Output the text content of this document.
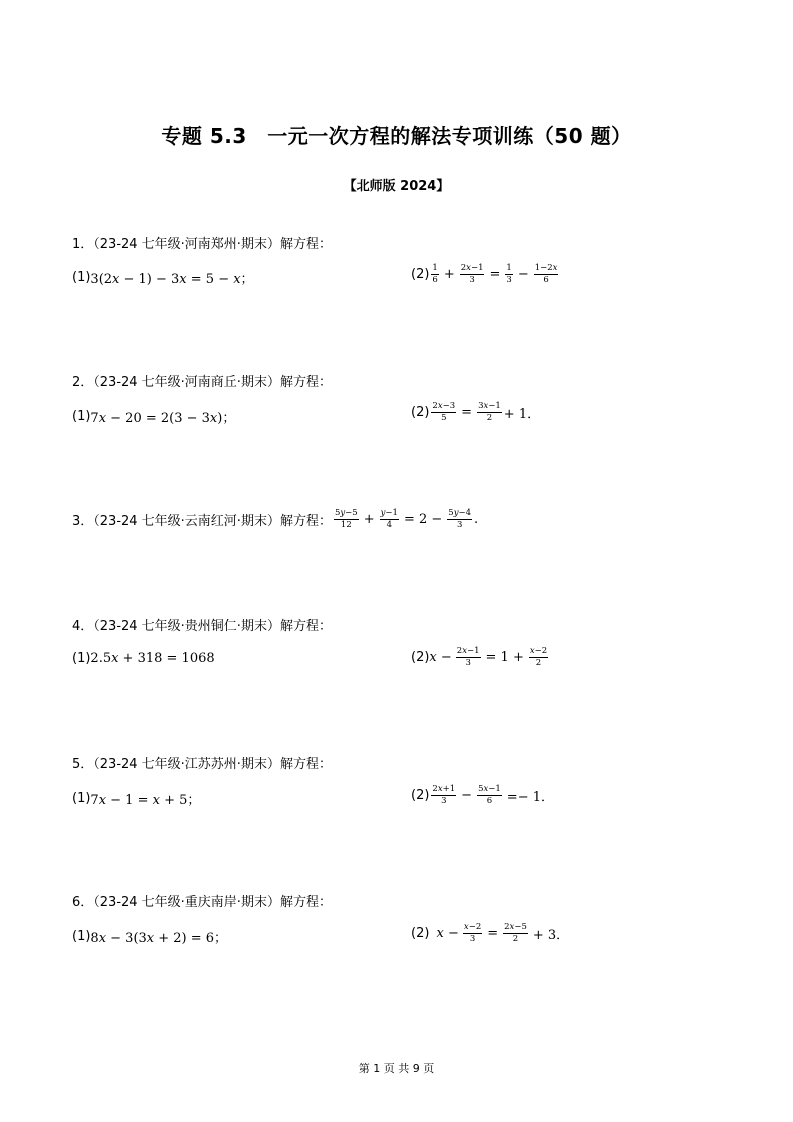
专题 5.3　一元一次方程的解法专项训练（50 题）
【北师版 2024】
1．（23-24 七年级·河南郑州·期末）解方程：
(1) 3(2𝑥 − 1) − 3𝑥 = 5 − 𝑥；	$(2) \frac{1}{6} + \frac{\text{2𝑥−1}}{3} = \frac{1}{3} - \frac{\text{1−2𝑥}}{6}$
2．（23-24 七年级·河南商丘·期末）解方程：
(1) 7𝑥 − 20 = 2(3 − 3𝑥)；	$(2) \frac{\text{2𝑥−3}}{5} = \frac{\text{3𝑥−1}}{2} + 1$．
3．（23-24 七年级·云南红河·期末）解方程： $\frac{\text{5𝑦−5}}{12} + \frac{\text{𝑦−1}}{4} = 2 - \frac{\text{5𝑦−4}}{3}$ .
4．（23-24 七年级·贵州铜仁·期末）解方程：
(1) 2.5𝑥 + 318 = 1068	(2) 𝑥 − $\frac{\text{2𝑥−1}}{3} = 1 + \frac{\text{𝑥−2}}{2}$
5．（23-24 七年级·江苏苏州·期末）解方程：
(1) 7𝑥 − 1 = 𝑥 + 5；	$(2) \frac{\text{2𝑥+1}}{3} - \frac{\text{5𝑥−1}}{6} =- 1$．
6．（23-24 七年级·重庆南岸·期末）解方程：
(1) 8𝑥 − 3(3𝑥 + 2) = 6；	(2) 𝑥 − $\frac{\text{𝑥−2}}{3} = \frac{\text{2𝑥−5}}{2} + 3$．
第 1 页 共 9 页
